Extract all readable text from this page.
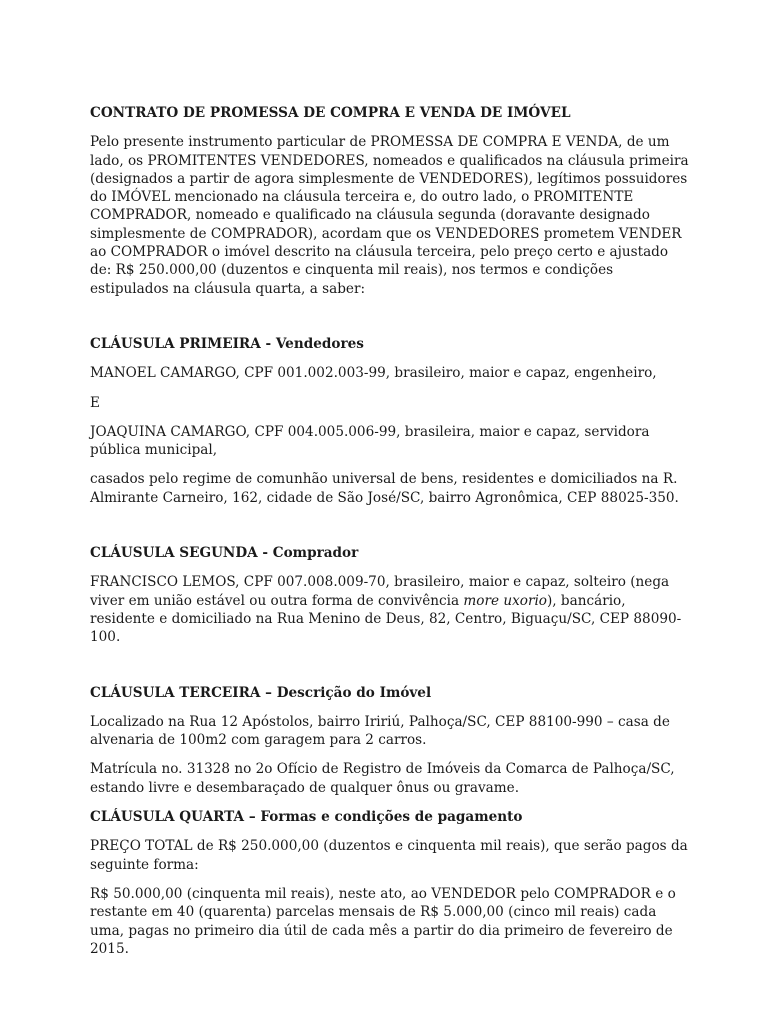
CONTRATO DE PROMESSA DE COMPRA E VENDA DE IMÓVEL

Pelo presente instrumento particular de PROMESSA DE COMPRA E VENDA, de um lado, os PROMITENTES VENDEDORES, nomeados e qualificados na cláusula primeira (designados a partir de agora simplesmente de VENDEDORES), legítimos possuidores do IMÓVEL mencionado na cláusula terceira e, do outro lado, o PROMITENTE COMPRADOR, nomeado e qualificado na cláusula segunda (doravante designado simplesmente de COMPRADOR), acordam que os VENDEDORES prometem VENDER ao COMPRADOR o imóvel descrito na cláusula terceira, pelo preço certo e ajustado de: R$ 250.000,00 (duzentos e cinquenta mil reais), nos termos e condições estipulados na cláusula quarta, a saber:

CLÁUSULA PRIMEIRA - Vendedores

MANOEL CAMARGO, CPF 001.002.003-99, brasileiro, maior e capaz, engenheiro,

E

JOAQUINA CAMARGO, CPF 004.005.006-99, brasileira, maior e capaz, servidora pública municipal,

casados pelo regime de comunhão universal de bens, residentes e domiciliados na R. Almirante Carneiro, 162, cidade de São José/SC, bairro Agronômica, CEP 88025-350.

CLÁUSULA SEGUNDA - Comprador

FRANCISCO LEMOS, CPF 007.008.009-70, brasileiro, maior e capaz, solteiro (nega viver em união estável ou outra forma de convivência more uxorio), bancário, residente e domiciliado na Rua Menino de Deus, 82, Centro, Biguaçu/SC, CEP 88090-100.

CLÁUSULA TERCEIRA – Descrição do Imóvel

Localizado na Rua 12 Apóstolos, bairro Iririú, Palhoça/SC, CEP 88100-990 – casa de alvenaria de 100m2 com garagem para 2 carros.

Matrícula no. 31328 no 2o Ofício de Registro de Imóveis da Comarca de Palhoça/SC, estando livre e desembaraçado de qualquer ônus ou gravame.

CLÁUSULA QUARTA – Formas e condições de pagamento

PREÇO TOTAL de R$ 250.000,00 (duzentos e cinquenta mil reais), que serão pagos da seguinte forma:

R$ 50.000,00 (cinquenta mil reais), neste ato, ao VENDEDOR pelo COMPRADOR e o restante em 40 (quarenta) parcelas mensais de R$ 5.000,00 (cinco mil reais) cada uma, pagas no primeiro dia útil de cada mês a partir do dia primeiro de fevereiro de 2015.
